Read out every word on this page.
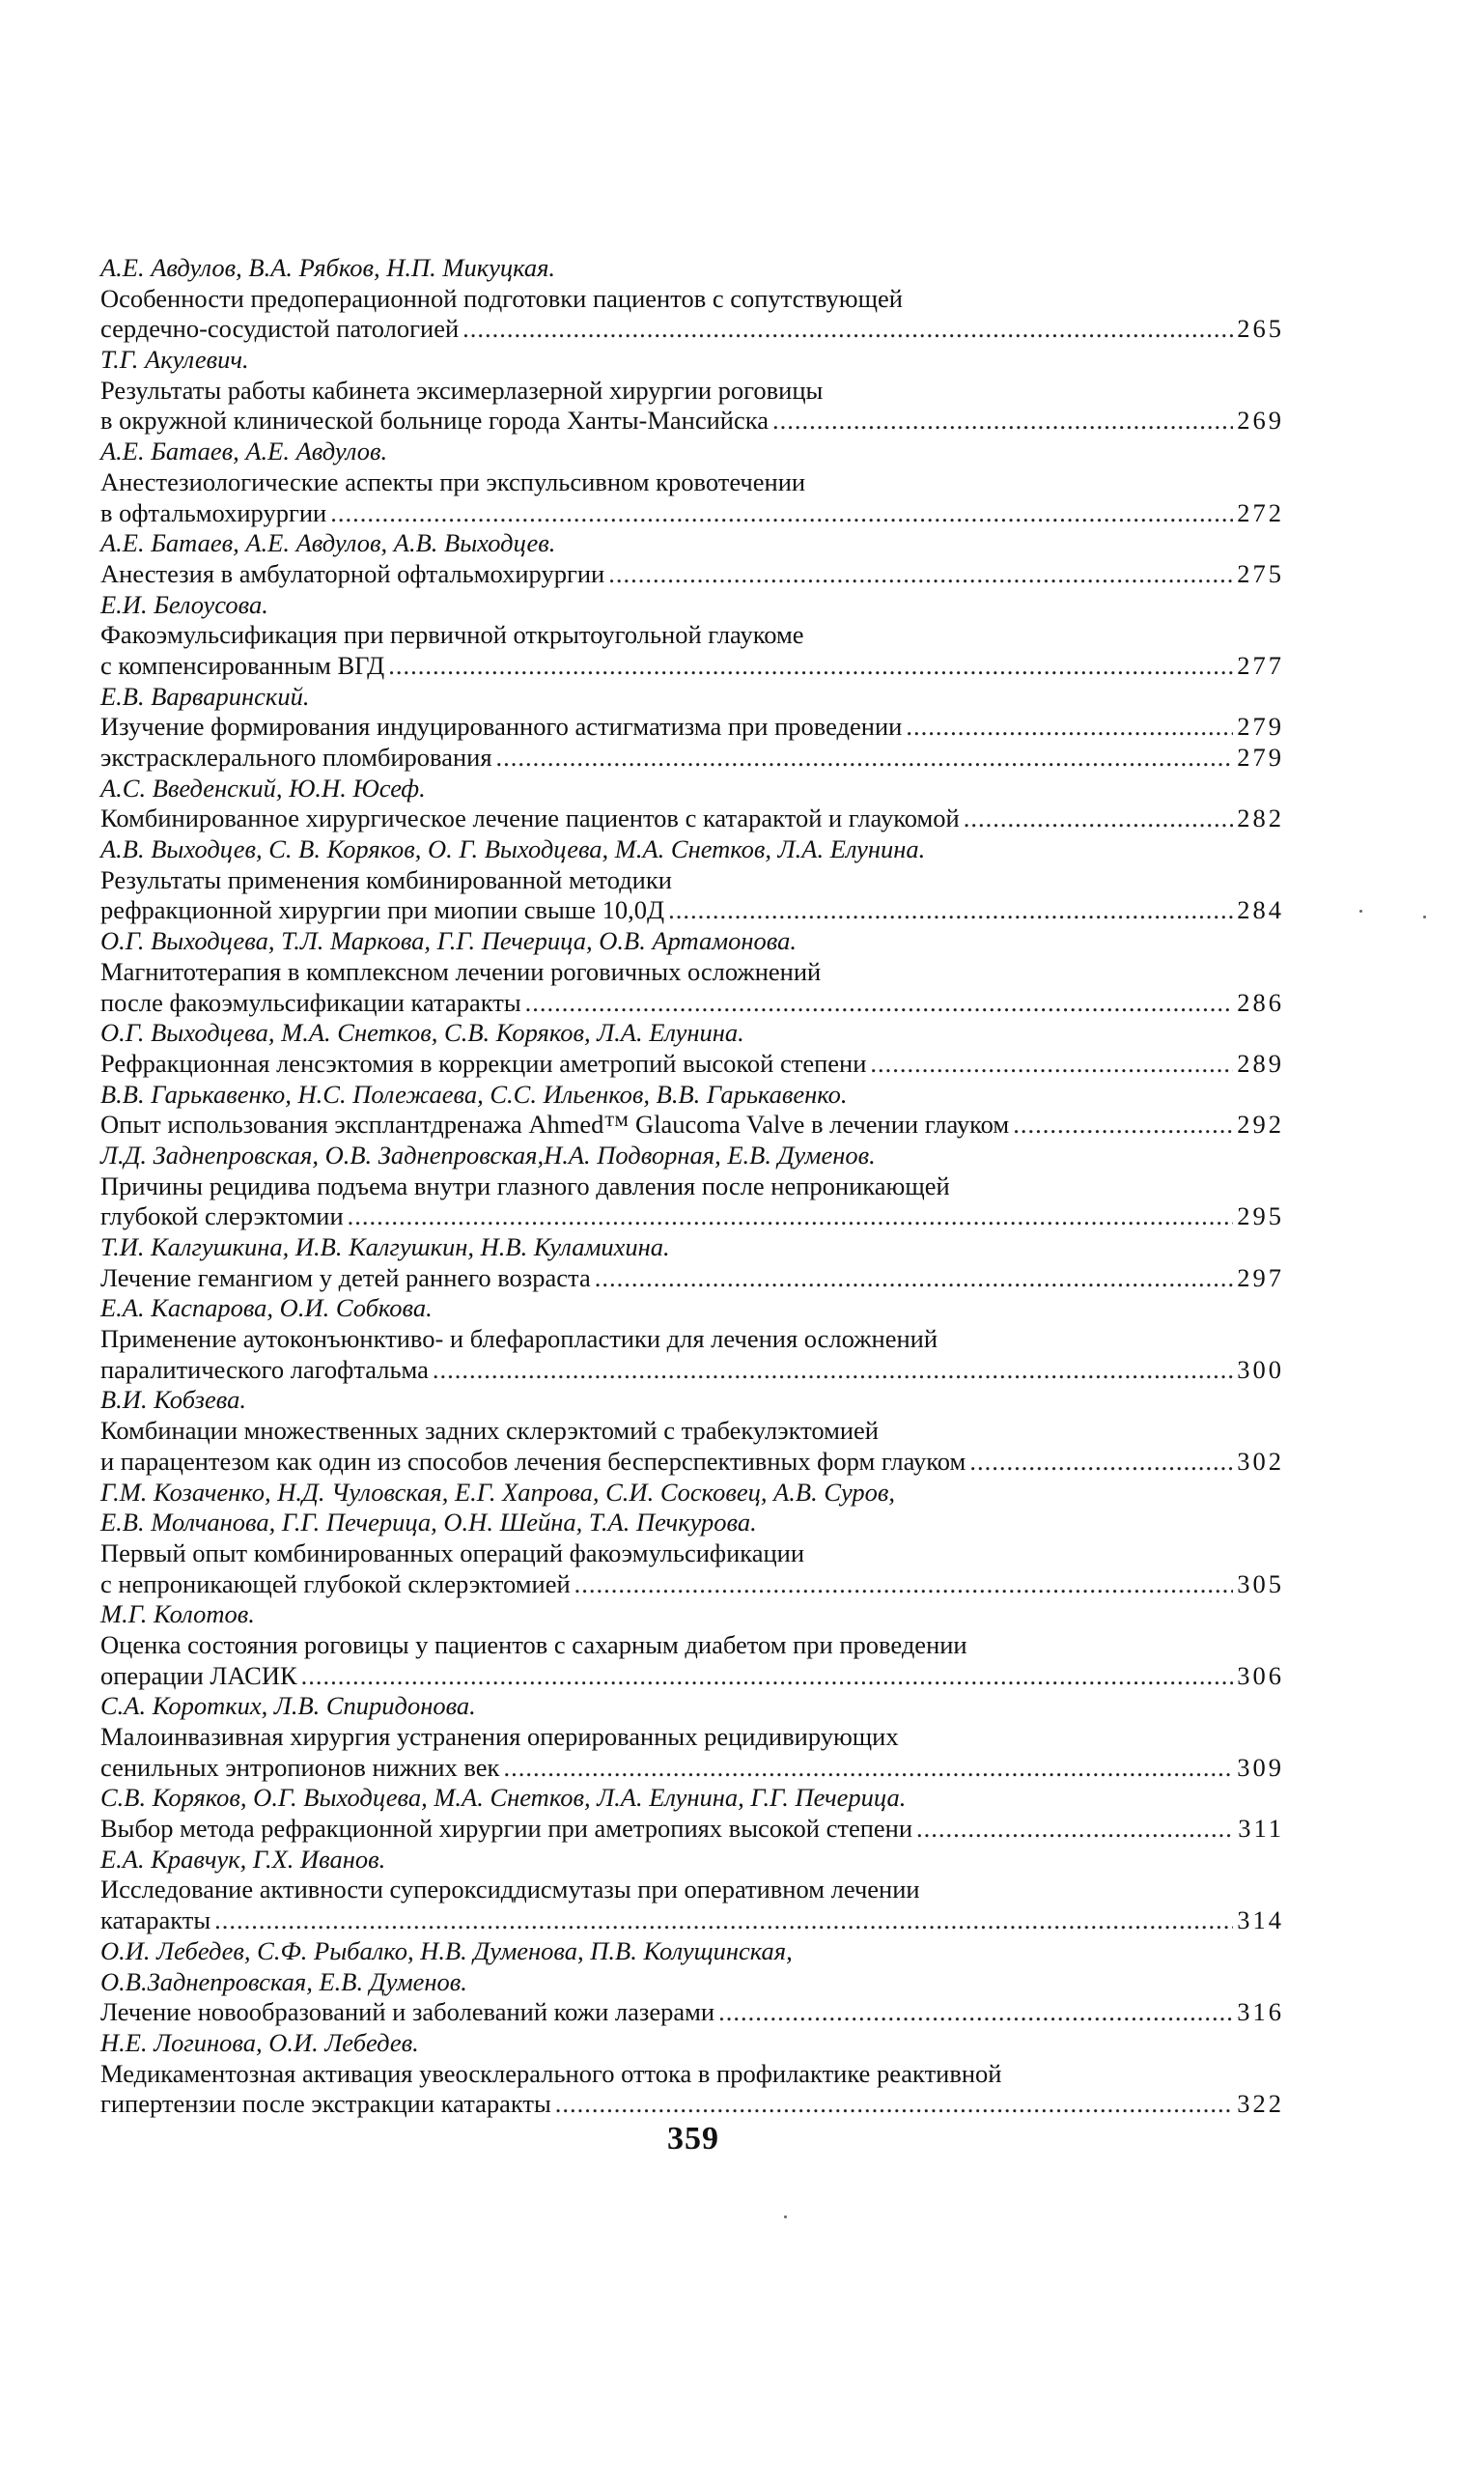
А.Е. Авдулов, В.А. Рябков, Н.П. Микуцкая.
Особенности предоперационной подготовки пациентов с сопутствующей
сердечно-сосудистой патологией .....	265
Т.Г. Акулевич.
Результаты работы кабинета эксимерлазерной хирургии роговицы
в окружной клинической больнице города Ханты-Мансийска .....	269
А.Е. Батаев, А.Е. Авдулов.
Анестезиологические аспекты при экспульсивном кровотечении
в офтальмохирургии .....	272
А.Е. Батаев, А.Е. Авдулов, А.В. Выходцев.
Анестезия в амбулаторной офтальмохирургии .....	275
Е.И. Белоусова.
Факоэмульсификация при первичной открытоугольной глаукоме
с компенсированным ВГД .....	277
Е.В. Варваринский.
Изучение формирования индуцированного астигматизма при проведении .....	279
экстрасклерального пломбирования .....	279
А.С. Введенский, Ю.Н. Юсеф.
Комбинированное хирургическое лечение пациентов с катарактой и глаукомой .....	282
А.В. Выходцев, С. В. Коряков, О. Г. Выходцева, М.А. Снетков, Л.А. Елунина.
Результаты применения комбинированной методики
рефракционной хирургии при миопии свыше 10,0Д .....	284
О.Г. Выходцева, Т.Л. Маркова, Г.Г. Печерица, О.В. Артамонова.
Магнитотерапия в комплексном лечении роговичных осложнений
после факоэмульсификации катаракты .....	286
О.Г. Выходцева, М.А. Снетков, С.В. Коряков, Л.А. Елунина.
Рефракционная ленсэктомия в коррекции аметропий высокой степени .....	289
В.В. Гарькавенко, Н.С. Полежаева, С.С. Ильенков, В.В. Гарькавенко.
Опыт использования эксплантдренажа Ahmed™ Glaucoma Valve в лечении глауком .....	292
Л.Д. Заднепровская, О.В. Заднепровская,Н.А. Подворная, Е.В. Думенов.
Причины рецидива подъема внутри глазного давления после непроникающей
глубокой слерэктомии .....	295
Т.И. Калгушкина, И.В. Калгушкин, Н.В. Куламихина.
Лечение гемангиом у детей раннего возраста .....	297
Е.А. Каспарова, О.И. Собкова.
Применение аутоконъюнктиво- и блефаропластики для лечения осложнений
паралитического лагофтальма .....	300
В.И. Кобзева.
Комбинации множественных задних склерэктомий с трабекулэктомией
и парацентезом как один из способов лечения бесперспективных форм глауком .....	302
Г.М. Козаченко, Н.Д. Чуловская, Е.Г. Хапрова, С.И. Сосковец, А.В. Суров,
Е.В. Молчанова, Г.Г. Печерица, О.Н. Шейна, Т.А. Печкурова.
Первый опыт комбинированных операций факоэмульсификации
с непроникающей глубокой склерэктомией .....	305
М.Г. Колотов.
Оценка состояния роговицы у пациентов с сахарным диабетом при проведении
операции ЛАСИК .....	306
С.А. Коротких, Л.В. Спиридонова.
Малоинвазивная хирургия устранения оперированных рецидивирующих
сенильных энтропионов нижних век .....	309
С.В. Коряков, О.Г. Выходцева, М.А. Снетков, Л.А. Елунина, Г.Г. Печерица.
Выбор метода рефракционной хирургии при аметропиях высокой степени .....	311
Е.А. Кравчук, Г.Х. Иванов.
Исследование активности супероксиддисмутазы при оперативном лечении
катаракты .....	314
О.И. Лебедев, С.Ф. Рыбалко, Н.В. Думенова, П.В. Колущинская,
О.В.Заднепровская, Е.В. Думенов.
Лечение новообразований и заболеваний кожи лазерами .....	316
Н.Е. Логинова, О.И. Лебедев.
Медикаментозная активация увеосклерального оттока в профилактике реактивной
гипертензии после экстракции катаракты .....	322
359
